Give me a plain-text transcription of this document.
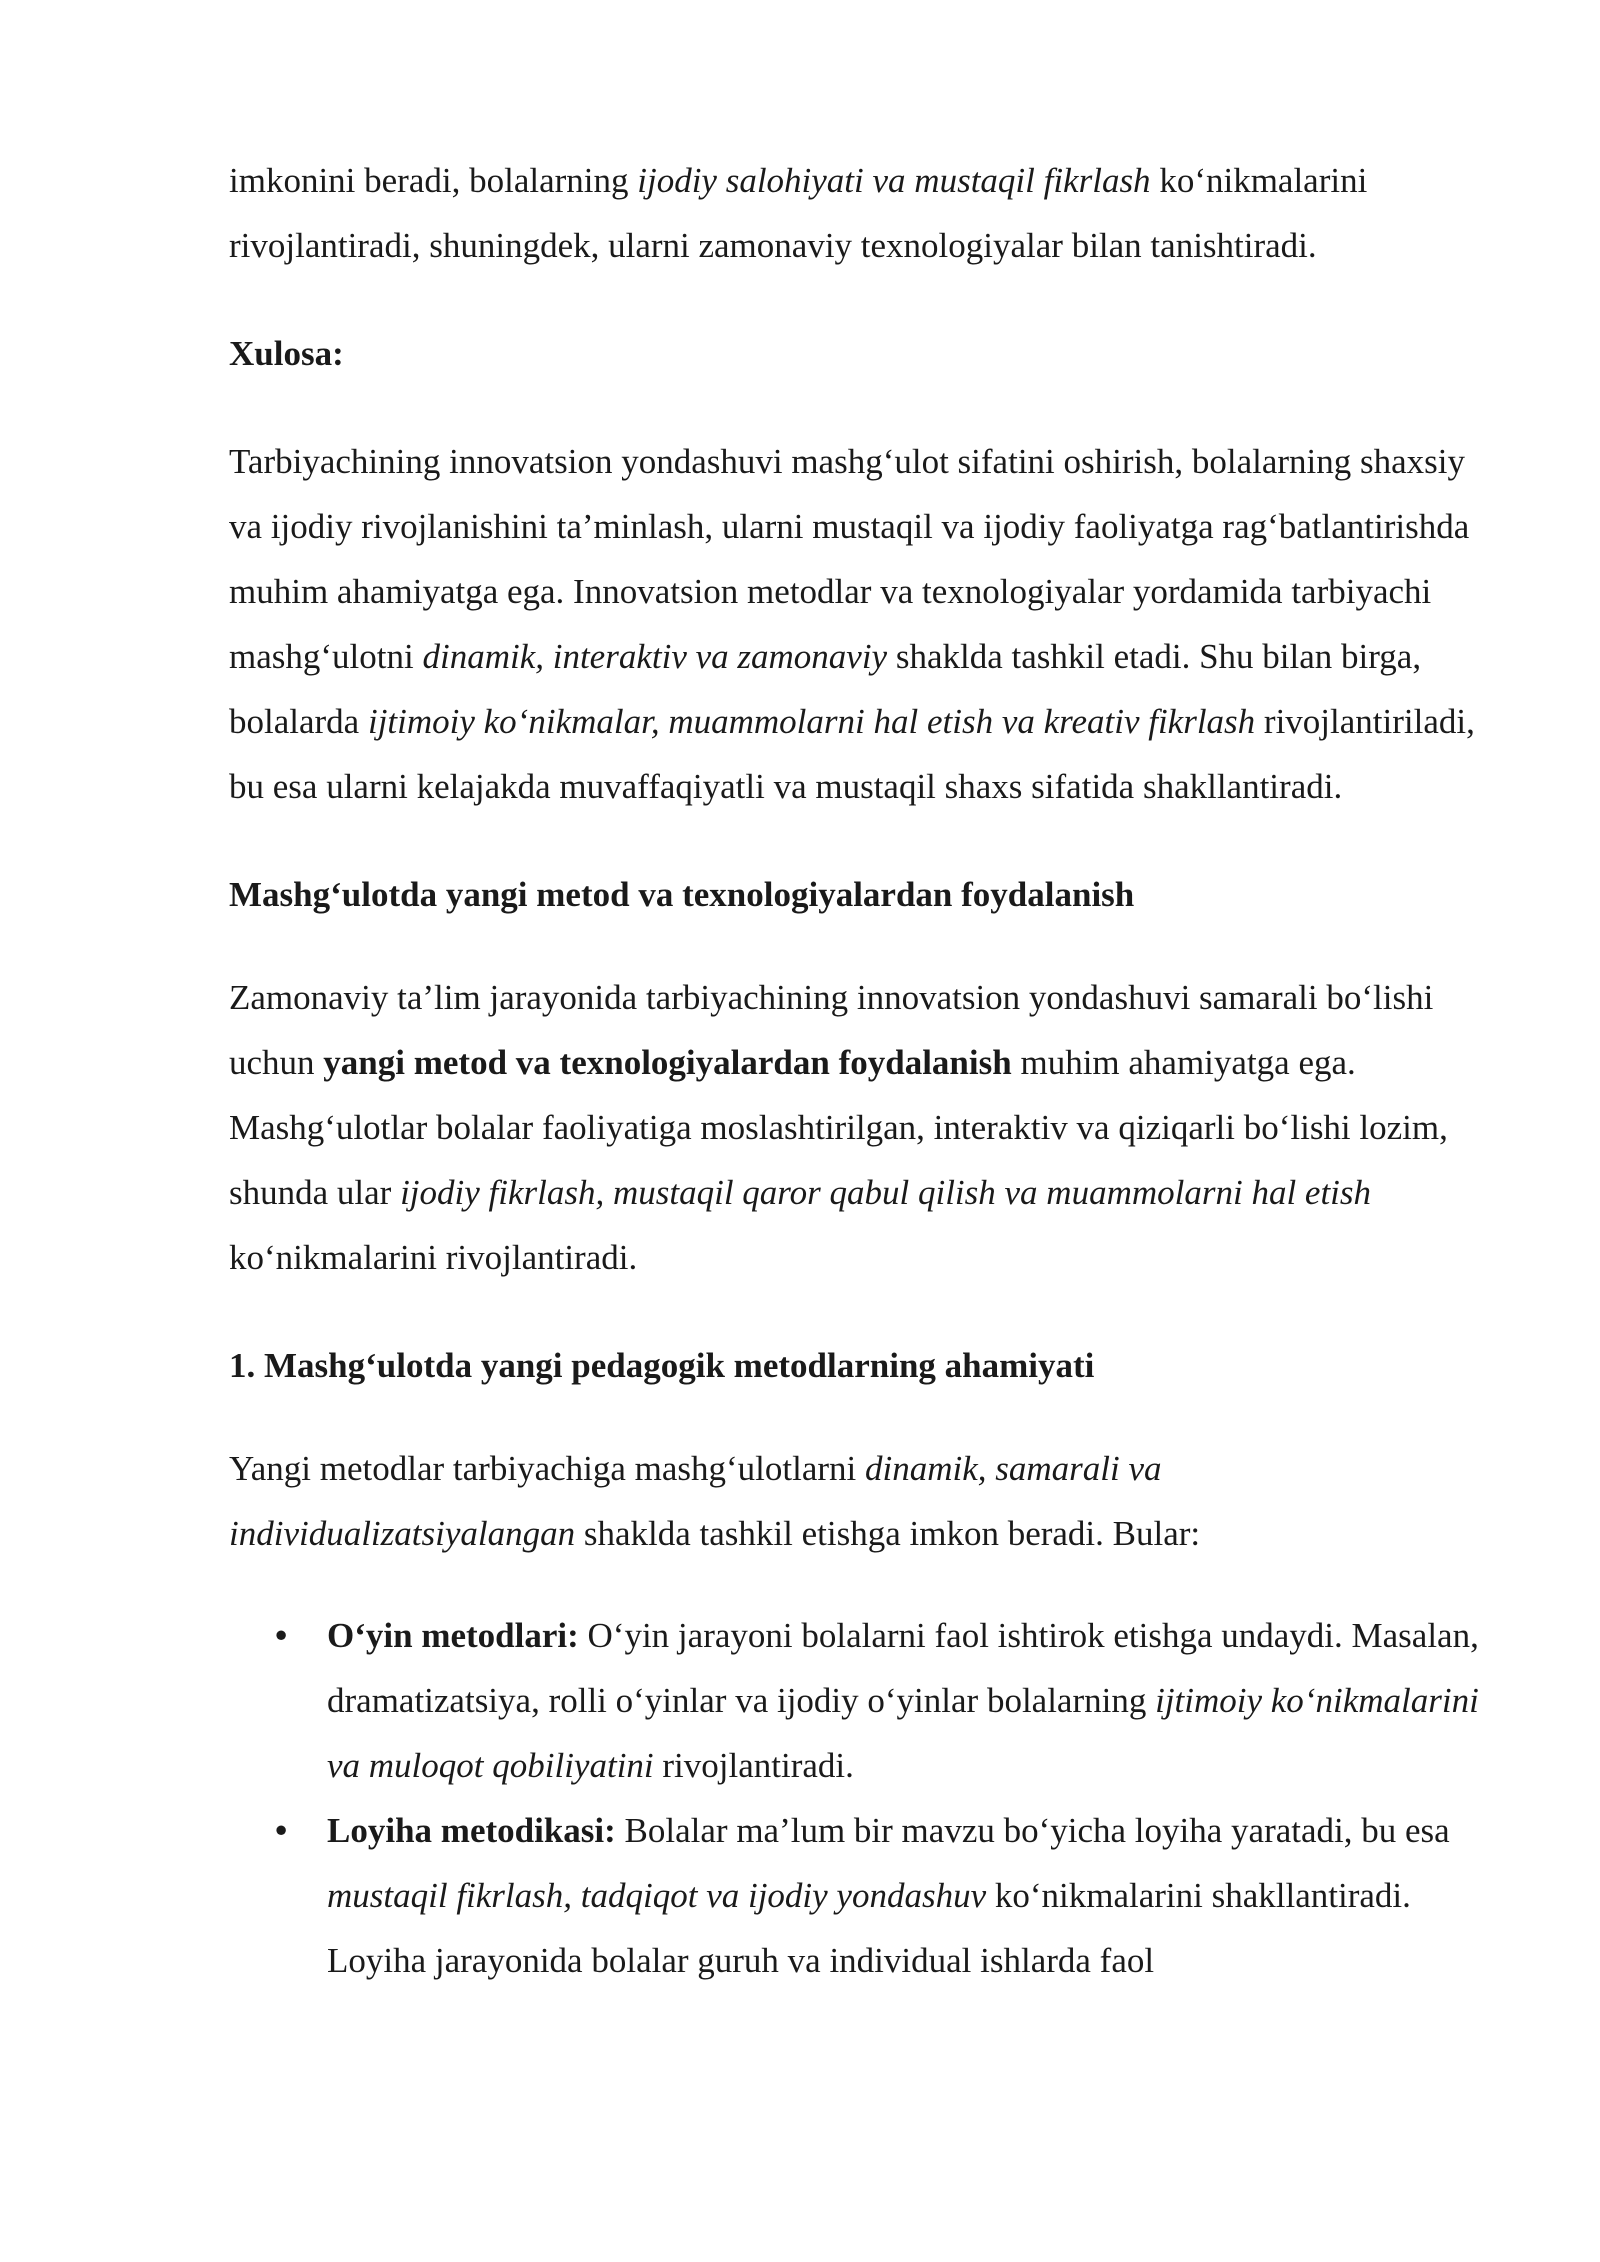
imkonini beradi, bolalarning ijodiy salohiyati va mustaqil fikrlash ko‘nikmalarini rivojlantiradi, shuningdek, ularni zamonaviy texnologiyalar bilan tanishtiradi.

Xulosa:

Tarbiyachining innovatsion yondashuvi mashg‘ulot sifatini oshirish, bolalarning shaxsiy va ijodiy rivojlanishini ta’minlash, ularni mustaqil va ijodiy faoliyatga rag‘batlantirishda muhim ahamiyatga ega. Innovatsion metodlar va texnologiyalar yordamida tarbiyachi mashg‘ulotni dinamik, interaktiv va zamonaviy shaklda tashkil etadi. Shu bilan birga, bolalarda ijtimoiy ko‘nikmalar, muammolarni hal etish va kreativ fikrlash rivojlantiriladi, bu esa ularni kelajakda muvaffaqiyatli va mustaqil shaxs sifatida shakllantiradi.

Mashg‘ulotda yangi metod va texnologiyalardan foydalanish

Zamonaviy ta’lim jarayonida tarbiyachining innovatsion yondashuvi samarali bo‘lishi uchun yangi metod va texnologiyalardan foydalanish muhim ahamiyatga ega. Mashg‘ulotlar bolalar faoliyatiga moslashtirilgan, interaktiv va qiziqarli bo‘lishi lozim, shunda ular ijodiy fikrlash, mustaqil qaror qabul qilish va muammolarni hal etish ko‘nikmalarini rivojlantiradi.

1. Mashg‘ulotda yangi pedagogik metodlarning ahamiyati

Yangi metodlar tarbiyachiga mashg‘ulotlarni dinamik, samarali va individualizatsiyalangan shaklda tashkil etishga imkon beradi. Bular:

• O‘yin metodlari: O‘yin jarayoni bolalarni faol ishtirok etishga undaydi. Masalan, dramatizatsiya, rolli o‘yinlar va ijodiy o‘yinlar bolalarning ijtimoiy ko‘nikmalarini va muloqot qobiliyatini rivojlantiradi.
• Loyiha metodikasi: Bolalar ma’lum bir mavzu bo‘yicha loyiha yaratadi, bu esa mustaqil fikrlash, tadqiqot va ijodiy yondashuv ko‘nikmalarini shakllantiradi. Loyiha jarayonida bolalar guruh va individual ishlarda faol
